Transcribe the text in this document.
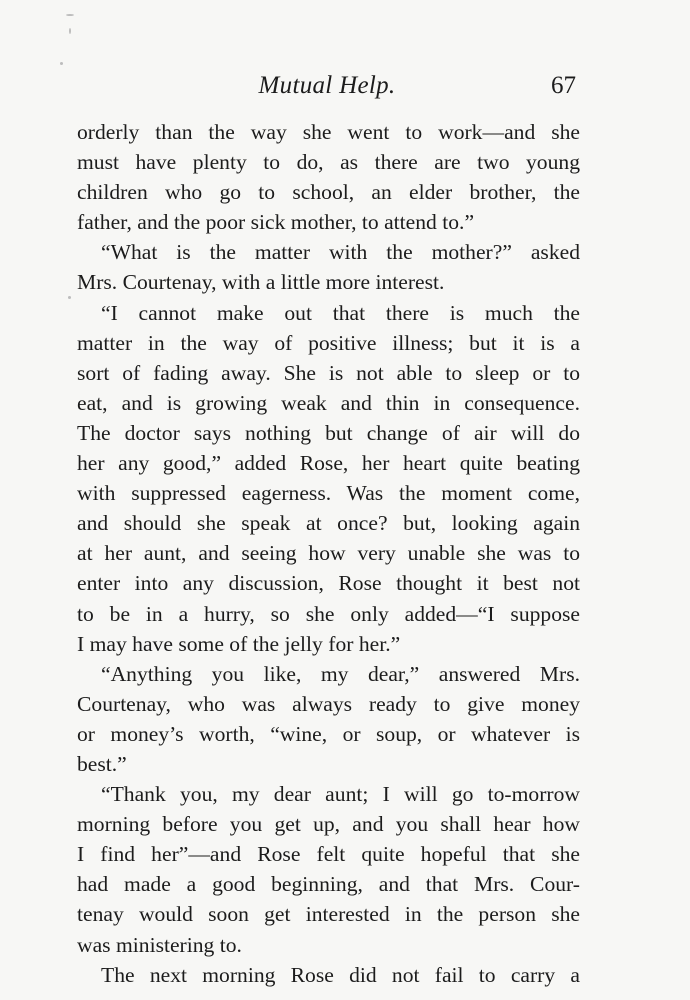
Mutual Help.	67
orderly than the way she went to work—and she
must have plenty to do, as there are two young
children who go to school, an elder brother, the
father, and the poor sick mother, to attend to.”
“What is the matter with the mother?” asked
Mrs. Courtenay, with a little more interest.
“I cannot make out that there is much the
matter in the way of positive illness; but it is a
sort of fading away. She is not able to sleep or to
eat, and is growing weak and thin in consequence.
The doctor says nothing but change of air will do
her any good,” added Rose, her heart quite beating
with suppressed eagerness. Was the moment come,
and should she speak at once? but, looking again
at her aunt, and seeing how very unable she was to
enter into any discussion, Rose thought it best not
to be in a hurry, so she only added—“I suppose
I may have some of the jelly for her.”
“Anything you like, my dear,” answered Mrs.
Courtenay, who was always ready to give money
or money’s worth, “wine, or soup, or whatever is
best.”
“Thank you, my dear aunt; I will go to-morrow
morning before you get up, and you shall hear how
I find her”—and Rose felt quite hopeful that she
had made a good beginning, and that Mrs. Cour-
tenay would soon get interested in the person she
was ministering to.
The next morning Rose did not fail to carry a
